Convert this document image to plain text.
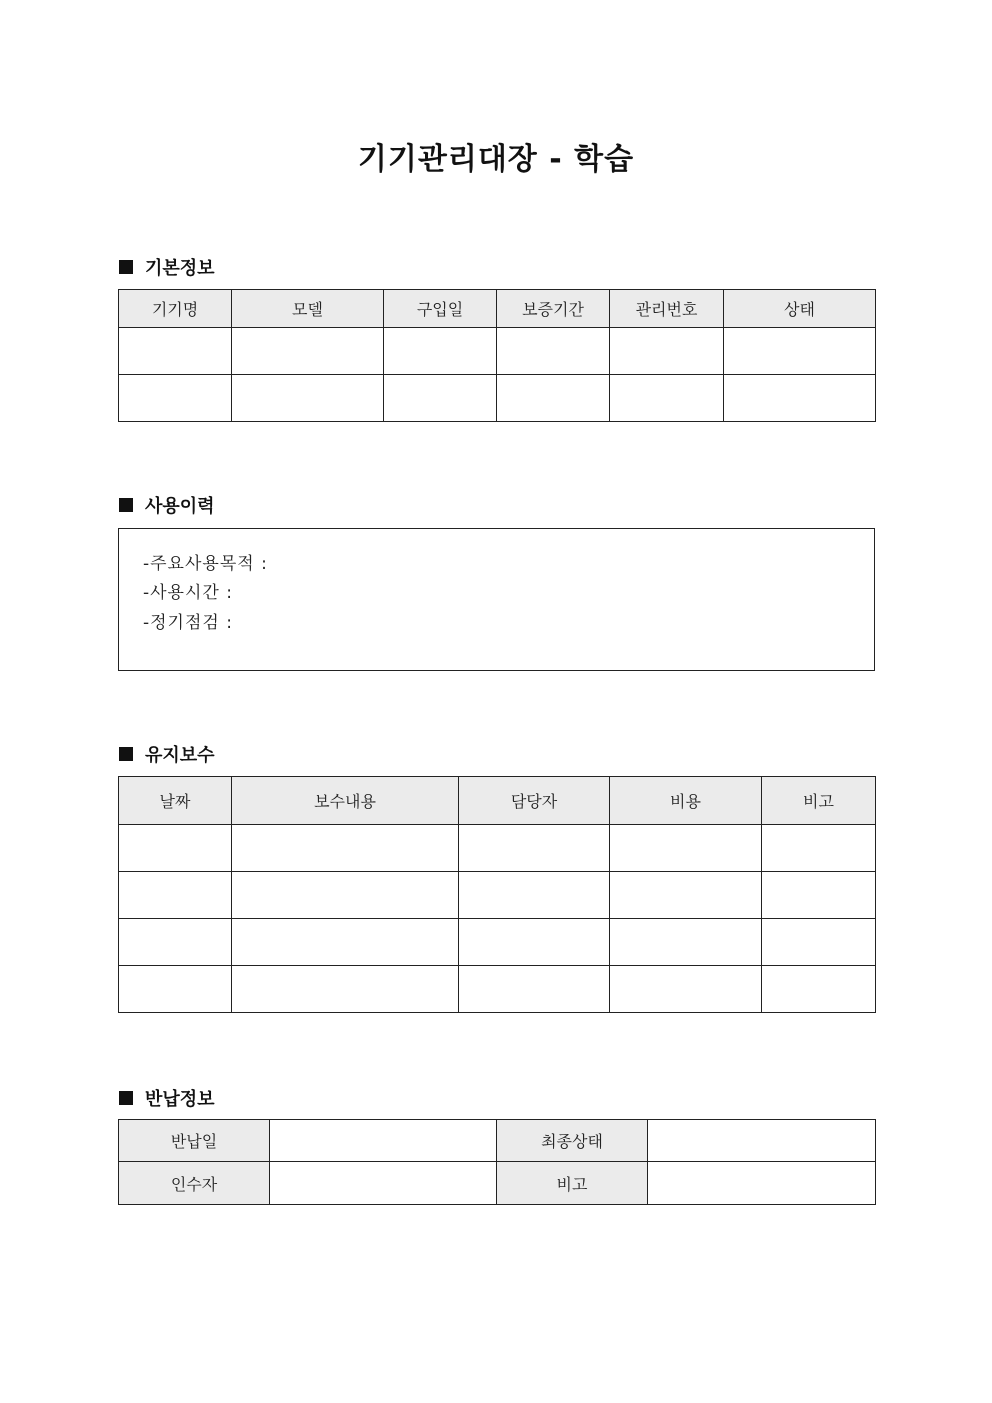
기기관리대장 - 학습
기본정보
기기명	모델	구입일	보증기간	관리번호	상태

사용이력
-주요사용목적 :
-사용시간 :
-정기점검 :
유지보수
날짜	보수내용	담당자	비용	비고

반납정보
반납일		최종상태	
인수자		비고	
